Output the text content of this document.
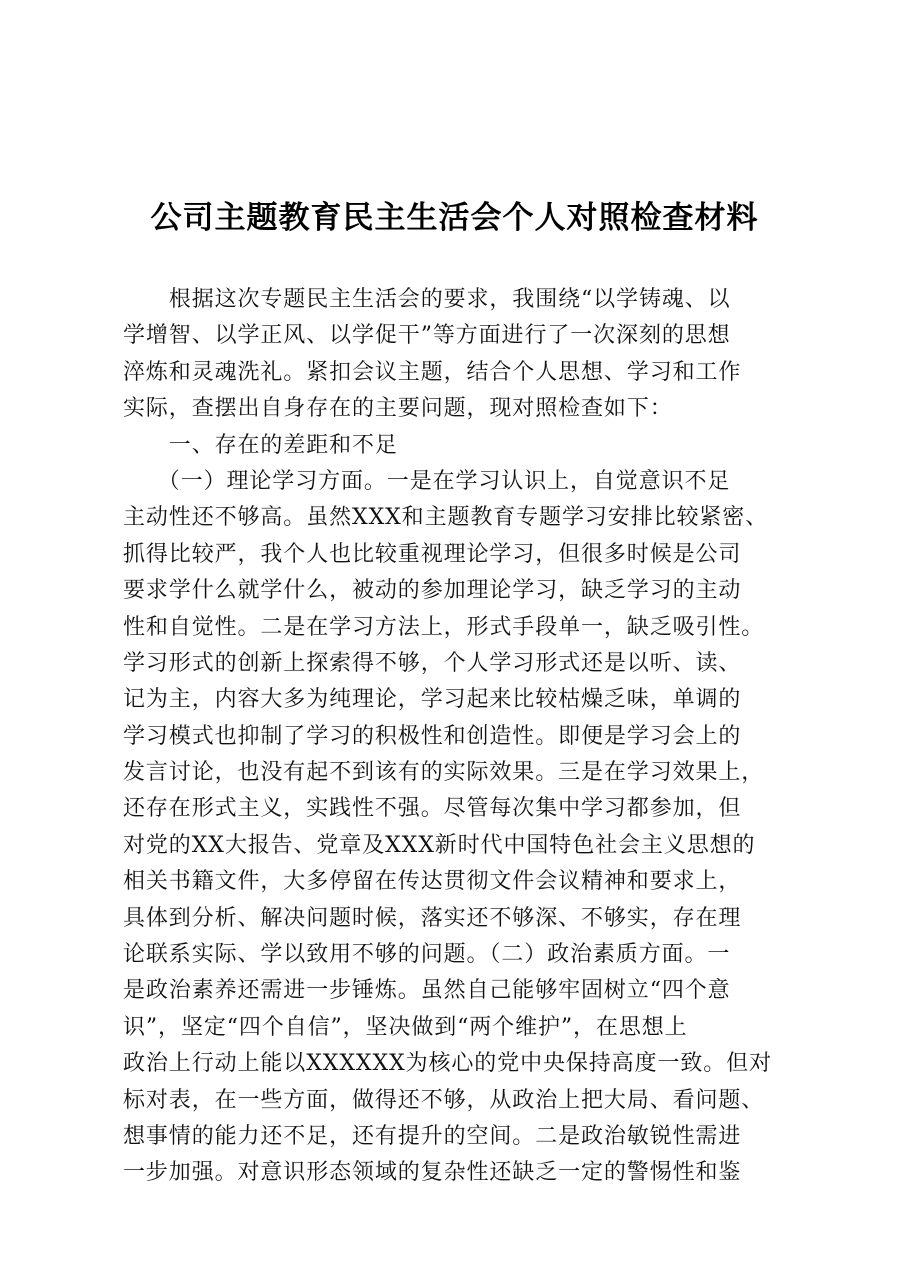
公司主题教育民主生活会个人对照检查材料
　　根据这次专题民主生活会的要求，我围绕“以学铸魂、以
学增智、以学正风、以学促干”等方面进行了一次深刻的思想
淬炼和灵魂洗礼。紧扣会议主题，结合个人思想、学习和工作
实际，查摆出自身存在的主要问题，现对照检查如下：
　　一、存在的差距和不足
　　（一）理论学习方面。一是在学习认识上，自觉意识不足
主动性还不够高。虽然XXX和主题教育专题学习安排比较紧密、
抓得比较严，我个人也比较重视理论学习，但很多时候是公司
要求学什么就学什么，被动的参加理论学习，缺乏学习的主动
性和自觉性。二是在学习方法上，形式手段单一，缺乏吸引性。
学习形式的创新上探索得不够，个人学习形式还是以听、读、
记为主，内容大多为纯理论，学习起来比较枯燥乏味，单调的
学习模式也抑制了学习的积极性和创造性。即便是学习会上的
发言讨论，也没有起不到该有的实际效果。三是在学习效果上，
还存在形式主义，实践性不强。尽管每次集中学习都参加，但
对党的XX大报告、党章及XXX新时代中国特色社会主义思想的
相关书籍文件，大多停留在传达贯彻文件会议精神和要求上，
具体到分析、解决问题时候，落实还不够深、不够实，存在理
论联系实际、学以致用不够的问题。（二）政治素质方面。一
是政治素养还需进一步锤炼。虽然自己能够牢固树立“四个意
识”，坚定“四个自信”，坚决做到“两个维护”，在思想上
政治上行动上能以XXXXXX为核心的党中央保持高度一致。但对
标对表，在一些方面，做得还不够，从政治上把大局、看问题、
想事情的能力还不足，还有提升的空间。二是政治敏锐性需进
一步加强。对意识形态领域的复杂性还缺乏一定的警惕性和鉴
